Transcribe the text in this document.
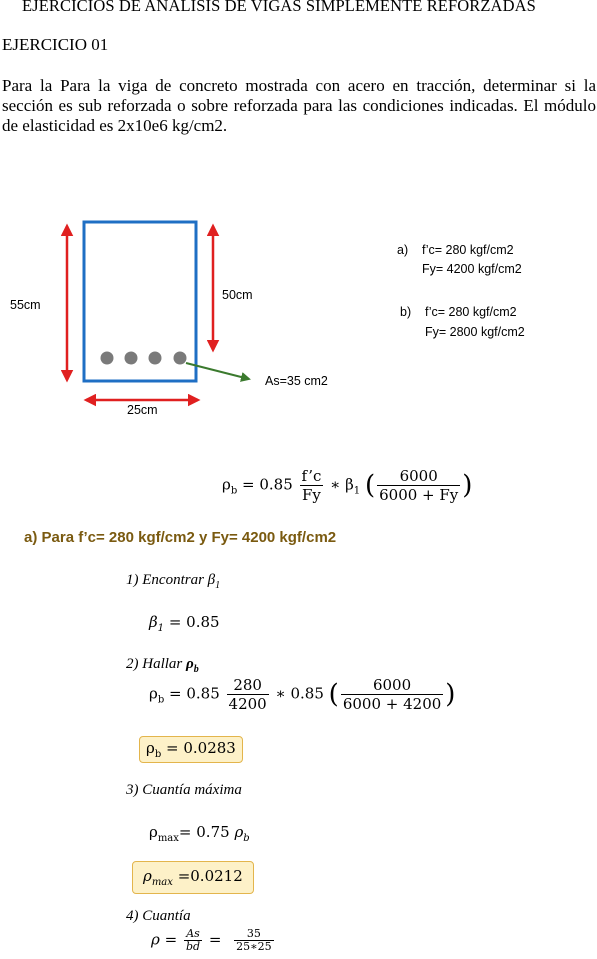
EJERCICIOS DE ANALISIS DE VIGAS SIMPLEMENTE REFORZADAS
EJERCICIO 01
Para la Para la viga de concreto mostrada con acero en tracción, determinar si la sección es sub reforzada o sobre reforzada para las condiciones indicadas. El módulo de elasticidad es 2x10e6 kg/cm2.
55cm
50cm
25cm
As=35 cm2
a) f’c= 280 kgf/cm2
Fy= 4200 kgf/cm2
b) f’c= 280 kgf/cm2
Fy= 2800 kgf/cm2
$\rho_b = 0.85 \frac{f’c}{Fy}$ ∗ $\beta_1$ ( $\frac{6000}{6000 + Fy}$ )
a) Para f’c= 280 kgf/cm2 y Fy= 4200 kgf/cm2
1) Encontrar $\beta_1$
$\beta_1 = 0.85$
2) Hallar $\rho_b$
$\rho_b = 0.85 \frac{280}{4200}$ ∗ 0.85 ( $\frac{6000}{6000 + 4200}$ )
$\rho_b = 0.0283$
3) Cuantía máxima
$\rho_{max}= 0.75$ $\rho_b$
$\rho_{max} =0.0212$
4) Cuantía
$\rho = \frac{As}{bd} = \frac{35}{25∗25}$
